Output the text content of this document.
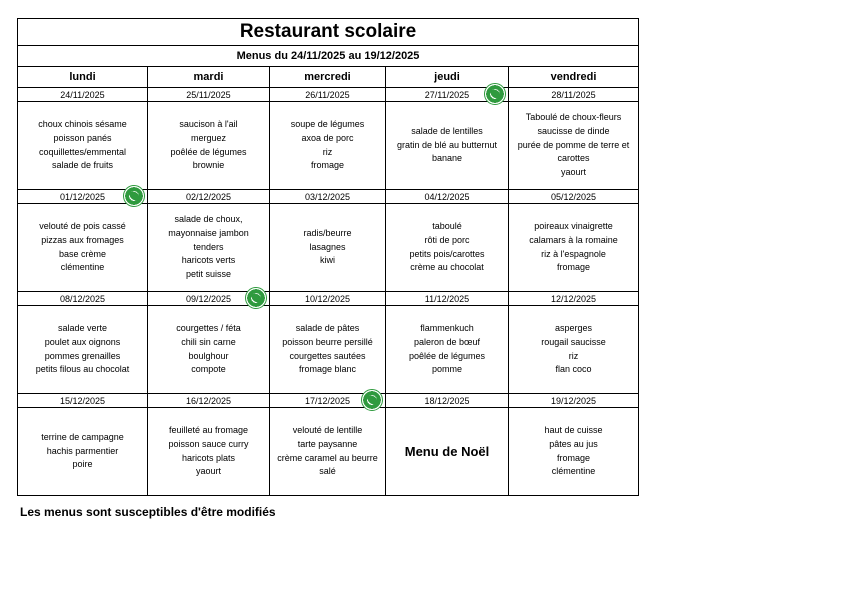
Restaurant scolaire				
Menus du 24/11/2025 au 19/12/2025				
lundi	mardi	mercredi	jeudi	vendredi
24/11/2025	25/11/2025	26/11/2025	27/11/2025	28/11/2025

choux chinois sésame
poisson panés
coquillettes/emmental
salade de fruits	saucison à l'ail
merguez
poêlée de légumes
brownie	soupe de légumes
axoa de porc
riz
fromage	salade de lentilles
gratin de blé au butternut
banane	Taboulé de choux-fleurs
saucisse de dinde
purée de pomme de terre et
carottes
yaourt

01/12/2025	02/12/2025	03/12/2025	04/12/2025	05/12/2025

velouté de pois cassé
pizzas aux fromages
base crème
clémentine	salade de choux,
mayonnaise jambon
tenders
haricots verts
petit suisse	radis/beurre
lasagnes
kiwi	taboulé
rôti de porc
petits pois/carottes
crème au chocolat	poireaux vinaigrette
calamars à la romaine
riz à l'espagnole
fromage

08/12/2025	09/12/2025	10/12/2025	11/12/2025	12/12/2025

salade verte
poulet aux oignons
pommes grenailles
petits filous au chocolat	courgettes / féta
chili sin carne
boulghour
compote	salade de pâtes
poisson beurre persillé
courgettes sautées
fromage blanc	flammenkuch
paleron de bœuf
poêlée de légumes
pomme	asperges
rougail saucisse
riz
flan coco

15/12/2025	16/12/2025	17/12/2025	18/12/2025	19/12/2025

terrine de campagne
hachis parmentier
poire	feuilleté au fromage
poisson sauce curry
haricots plats
yaourt	velouté de lentille
tarte paysanne
crème caramel au beurre
salé	Menu de Noël	haut de cuisse
pâtes au jus
fromage
clémentine
Les menus sont susceptibles d'être modifiés
